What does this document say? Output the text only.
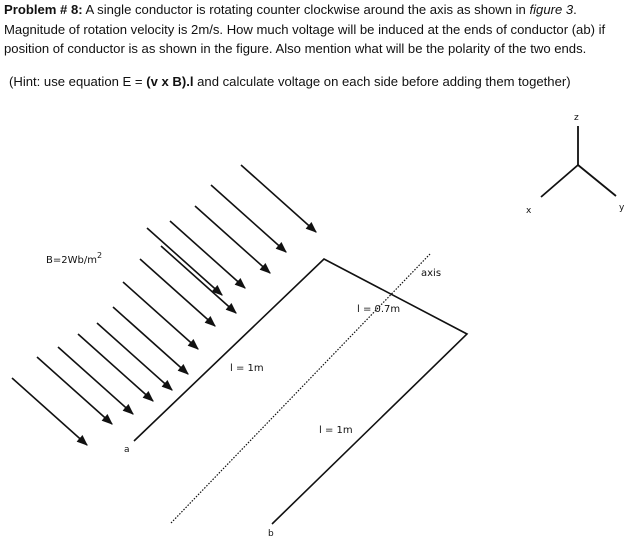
Problem # 8: A single conductor is rotating counter clockwise around the axis as shown in figure 3. Magnitude of rotation velocity is 2m/s. How much voltage will be induced at the ends of conductor (ab) if position of conductor is as shown in the figure. Also mention what will be the polarity of the two ends.
(Hint: use equation E = (v x B).l and calculate voltage on each side before adding them together)
$B=2Wb/m^2$
axis
l = 0.7m
l = 1m
l = 1m
a
b
x	y
z
